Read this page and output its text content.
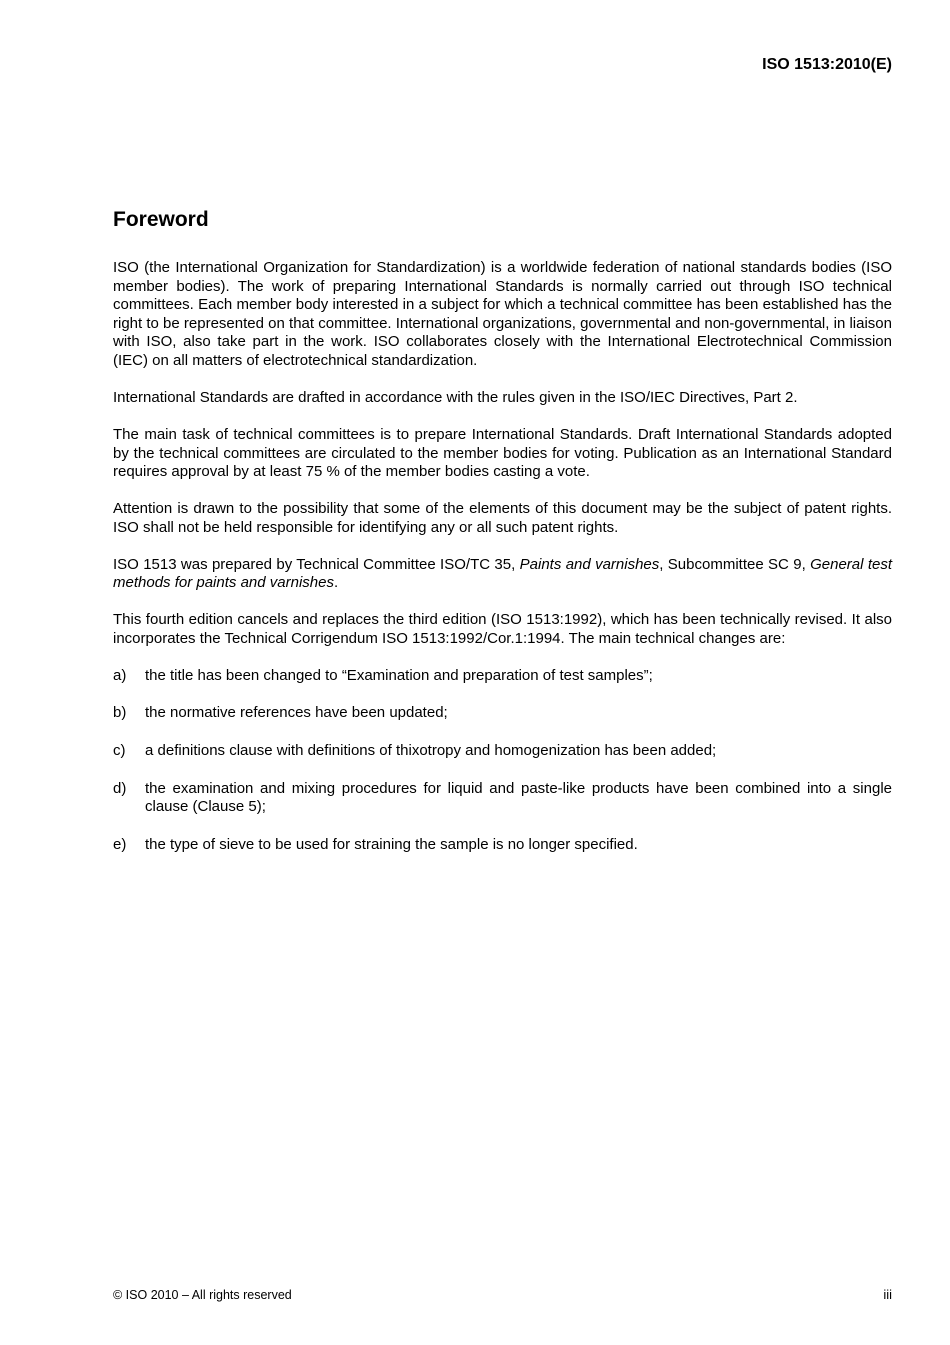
ISO 1513:2010(E)

Foreword

ISO (the International Organization for Standardization) is a worldwide federation of national standards bodies (ISO member bodies). The work of preparing International Standards is normally carried out through ISO technical committees. Each member body interested in a subject for which a technical committee has been established has the right to be represented on that committee. International organizations, governmental and non-governmental, in liaison with ISO, also take part in the work. ISO collaborates closely with the International Electrotechnical Commission (IEC) on all matters of electrotechnical standardization.

International Standards are drafted in accordance with the rules given in the ISO/IEC Directives, Part 2.

The main task of technical committees is to prepare International Standards. Draft International Standards adopted by the technical committees are circulated to the member bodies for voting. Publication as an International Standard requires approval by at least 75 % of the member bodies casting a vote.

Attention is drawn to the possibility that some of the elements of this document may be the subject of patent rights. ISO shall not be held responsible for identifying any or all such patent rights.

ISO 1513 was prepared by Technical Committee ISO/TC 35, Paints and varnishes, Subcommittee SC 9, General test methods for paints and varnishes.

This fourth edition cancels and replaces the third edition (ISO 1513:1992), which has been technically revised. It also incorporates the Technical Corrigendum ISO 1513:1992/Cor.1:1994. The main technical changes are:

a)	the title has been changed to “Examination and preparation of test samples”;
b)	the normative references have been updated;
c)	a definitions clause with definitions of thixotropy and homogenization has been added;
d)	the examination and mixing procedures for liquid and paste-like products have been combined into a single clause (Clause 5);
e)	the type of sieve to be used for straining the sample is no longer specified.

© ISO 2010 – All rights reserved	iii
